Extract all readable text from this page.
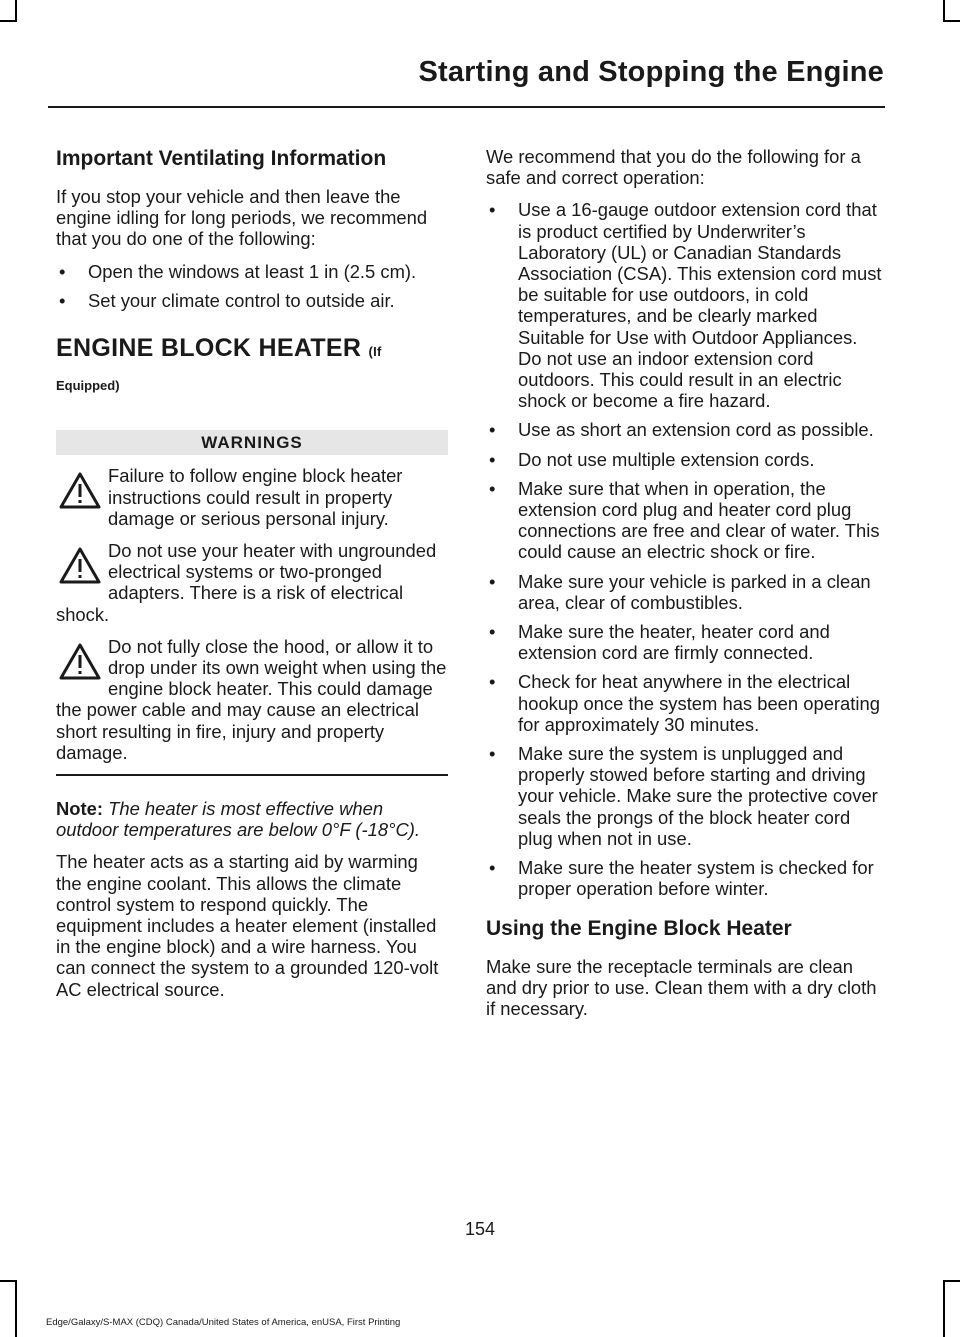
Starting and Stopping the Engine
Important Ventilating Information

If you stop your vehicle and then leave the engine idling for long periods, we recommend that you do one of the following:

• Open the windows at least 1 in (2.5 cm).
• Set your climate control to outside air.
ENGINE BLOCK HEATER (If
Equipped)
WARNINGS
Failure to follow engine block heater instructions could result in property damage or serious personal injury.
Do not use your heater with ungrounded electrical systems or two-pronged adapters. There is a risk of electrical shock.
Do not fully close the hood, or allow it to drop under its own weight when using the engine block heater. This could damage the power cable and may cause an electrical short resulting in fire, injury and property damage.

Note: The heater is most effective when outdoor temperatures are below 0°F (-18°C).

The heater acts as a starting aid by warming the engine coolant. This allows the climate control system to respond quickly. The equipment includes a heater element (installed in the engine block) and a wire harness. You can connect the system to a grounded 120-volt AC electrical source.

We recommend that you do the following for a safe and correct operation:

• Use a 16-gauge outdoor extension cord that is product certified by Underwriter’s Laboratory (UL) or Canadian Standards Association (CSA). This extension cord must be suitable for use outdoors, in cold temperatures, and be clearly marked Suitable for Use with Outdoor Appliances. Do not use an indoor extension cord outdoors. This could result in an electric shock or become a fire hazard.
• Use as short an extension cord as possible.
• Do not use multiple extension cords.
• Make sure that when in operation, the extension cord plug and heater cord plug connections are free and clear of water. This could cause an electric shock or fire.
• Make sure your vehicle is parked in a clean area, clear of combustibles.
• Make sure the heater, heater cord and extension cord are firmly connected.
• Check for heat anywhere in the electrical hookup once the system has been operating for approximately 30 minutes.
• Make sure the system is unplugged and properly stowed before starting and driving your vehicle. Make sure the protective cover seals the prongs of the block heater cord plug when not in use.
• Make sure the heater system is checked for proper operation before winter.
Using the Engine Block Heater

Make sure the receptacle terminals are clean and dry prior to use. Clean them with a dry cloth if necessary.

154
Edge/Galaxy/S-MAX (CDQ) Canada/United States of America, enUSA, First Printing
